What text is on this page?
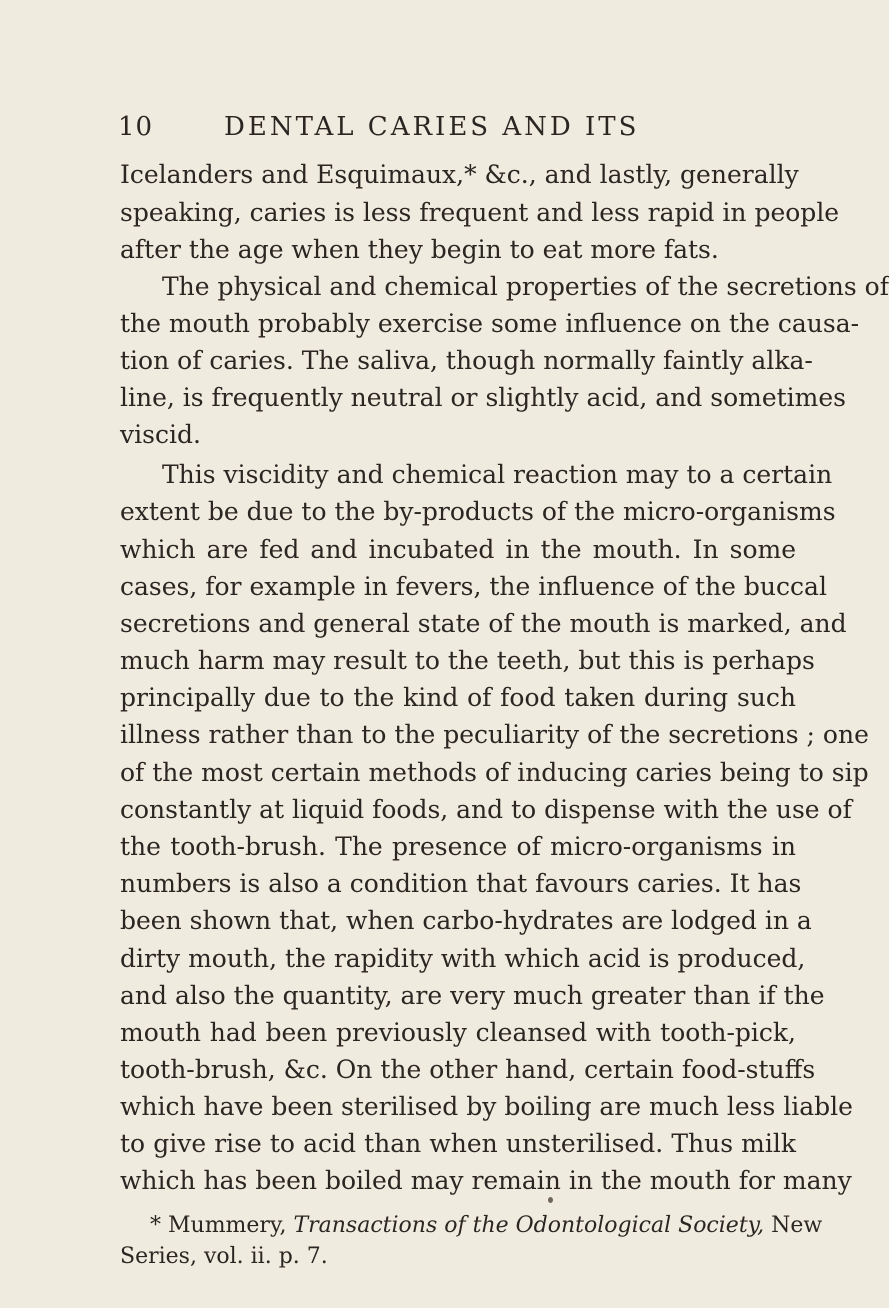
10	DENTAL CARIES AND ITS
Icelanders and Esquimaux,* &c., and lastly, generally
speaking, caries is less frequent and less rapid in people
after the age when they begin to eat more fats.
The physical and chemical properties of the secretions of
the mouth probably exercise some influence on the causa-
tion of caries. The saliva, though normally faintly alka-
line, is frequently neutral or slightly acid, and sometimes
viscid.
This viscidity and chemical reaction may to a certain
extent be due to the by-products of the micro-organisms
which are fed and incubated in the mouth. In some
cases, for example in fevers, the influence of the buccal
secretions and general state of the mouth is marked, and
much harm may result to the teeth, but this is perhaps
principally due to the kind of food taken during such
illness rather than to the peculiarity of the secretions ; one
of the most certain methods of inducing caries being to sip
constantly at liquid foods, and to dispense with the use of
the tooth-brush. The presence of micro-organisms in
numbers is also a condition that favours caries. It has
been shown that, when carbo-hydrates are lodged in a
dirty mouth, the rapidity with which acid is produced,
and also the quantity, are very much greater than if the
mouth had been previously cleansed with tooth-pick,
tooth-brush, &c. On the other hand, certain food-stuffs
which have been sterilised by boiling are much less liable
to give rise to acid than when unsterilised. Thus milk
which has been boiled may remain in the mouth for many
* Mummery, Transactions of the Odontological Society, New
Series, vol. ii. p. 7.
